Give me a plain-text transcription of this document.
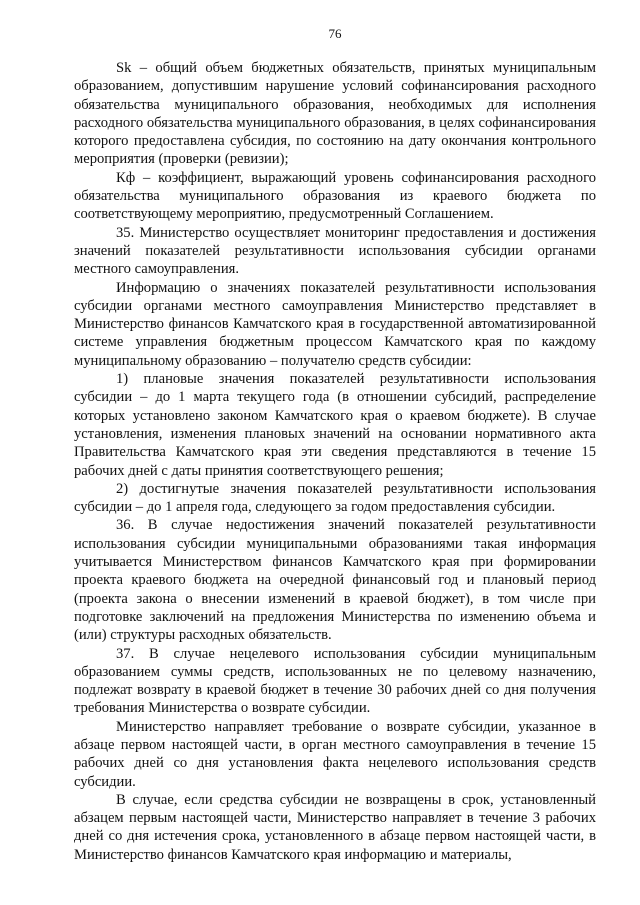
76

Sk – общий объем бюджетных обязательств, принятых муниципальным образованием, допустившим нарушение условий софинансирования расходного обязательства муниципального образования, необходимых для исполнения расходного обязательства муниципального образования, в целях софинансирования которого предоставлена субсидия, по состоянию на дату окончания контрольного мероприятия (проверки (ревизии);

Кф – коэффициент, выражающий уровень софинансирования расходного обязательства муниципального образования из краевого бюджета по соответствующему мероприятию, предусмотренный Соглашением.

35. Министерство осуществляет мониторинг предоставления и достижения значений показателей результативности использования субсидии органами местного самоуправления.

Информацию о значениях показателей результативности использования субсидии органами местного самоуправления Министерство представляет в Министерство финансов Камчатского края в государственной автоматизированной системе управления бюджетным процессом Камчатского края по каждому муниципальному образованию – получателю средств субсидии:

1) плановые значения показателей результативности использования субсидии – до 1 марта текущего года (в отношении субсидий, распределение которых установлено законом Камчатского края о краевом бюджете). В случае установления, изменения плановых значений на основании нормативного акта Правительства Камчатского края эти сведения представляются в течение 15 рабочих дней с даты принятия соответствующего решения;

2) достигнутые значения показателей результативности использования субсидии – до 1 апреля года, следующего за годом предоставления субсидии.

36. В случае недостижения значений показателей результативности использования субсидии муниципальными образованиями такая информация учитывается Министерством финансов Камчатского края при формировании проекта краевого бюджета на очередной финансовый год и плановый период (проекта закона о внесении изменений в краевой бюджет), в том числе при подготовке заключений на предложения Министерства по изменению объема и (или) структуры расходных обязательств.

37. В случае нецелевого использования субсидии муниципальным образованием суммы средств, использованных не по целевому назначению, подлежат возврату в краевой бюджет в течение 30 рабочих дней со дня получения требования Министерства о возврате субсидии.

Министерство направляет требование о возврате субсидии, указанное в абзаце первом настоящей части, в орган местного самоуправления в течение 15 рабочих дней со дня установления факта нецелевого использования средств субсидии.

В случае, если средства субсидии не возвращены в срок, установленный абзацем первым настоящей части, Министерство направляет в течение 3 рабочих дней со дня истечения срока, установленного в абзаце первом настоящей части, в Министерство финансов Камчатского края информацию и материалы,
